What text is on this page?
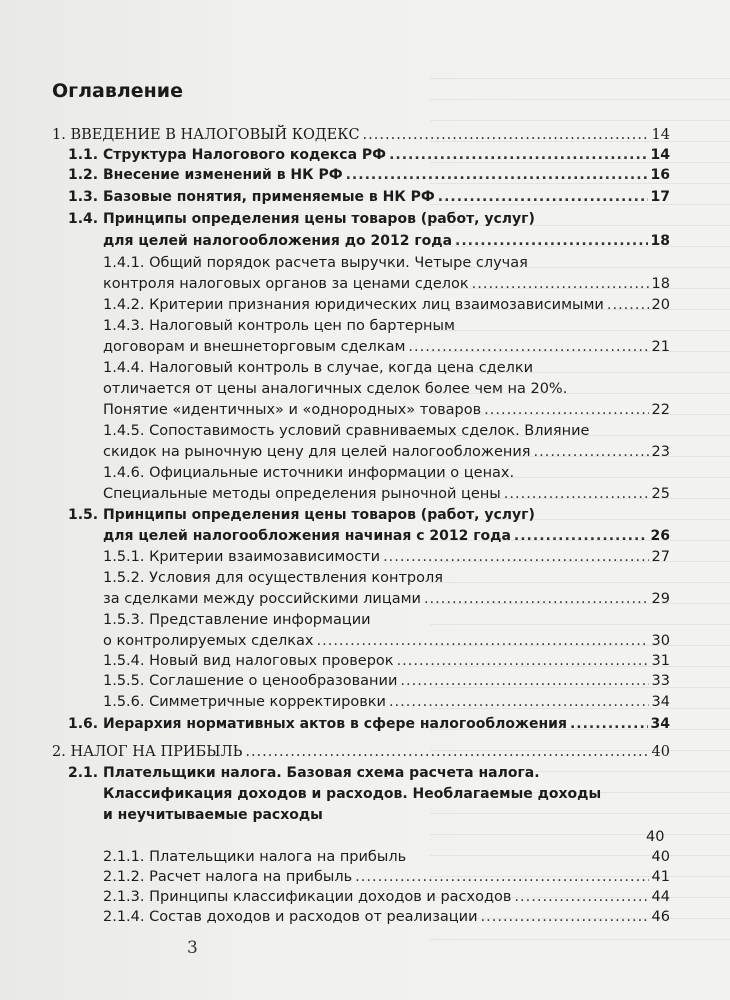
Оглавление
1. ВВЕДЕНИЕ В НАЛОГОВЫЙ КОДЕКС .....	14
1.1. Структура Налогового кодекса РФ .....	14
1.2. Внесение изменений в НК РФ .....	16
1.3. Базовые понятия, применяемые в НК РФ .....	17
1.4. Принципы определения цены товаров (работ, услуг)
для целей налогообложения до 2012 года .....	18
1.4.1. Общий порядок расчета выручки. Четыре случая
контроля налоговых органов за ценами сделок .....	18
1.4.2. Критерии признания юридических лиц взаимозависимыми .....	20
1.4.3. Налоговый контроль цен по бартерным
договорам и внешнеторговым сделкам .....	21
1.4.4. Налоговый контроль в случае, когда цена сделки
отличается от цены аналогичных сделок более чем на 20%.
Понятие «идентичных» и «однородных» товаров .....	22
1.4.5. Сопоставимость условий сравниваемых сделок. Влияние
скидок на рыночную цену для целей налогообложения .....	23
1.4.6. Официальные источники информации о ценах.
Специальные методы определения рыночной цены .....	25
1.5. Принципы определения цены товаров (работ, услуг)
для целей налогообложения начиная с 2012 года .....	26
1.5.1. Критерии взаимозависимости .....	27
1.5.2. Условия для осуществления контроля
за сделками между российскими лицами .....	29
1.5.3. Представление информации
о контролируемых сделках .....	30
1.5.4. Новый вид налоговых проверок .....	31
1.5.5. Соглашение о ценообразовании .....	33
1.5.6. Симметричные корректировки .....	34
1.6. Иерархия нормативных актов в сфере налогообложения .....	34
2. НАЛОГ НА ПРИБЫЛЬ .....	40
2.1. Плательщики налога. Базовая схема расчета налога.
Классификация доходов и расходов. Необлагаемые доходы
и неучитываемые расходы
40
2.1.1. Плательщики налога на прибыль	40
2.1.2. Расчет налога на прибыль .....	41
2.1.3. Принципы классификации доходов и расходов .....	44
2.1.4. Состав доходов и расходов от реализации .....	46
3
